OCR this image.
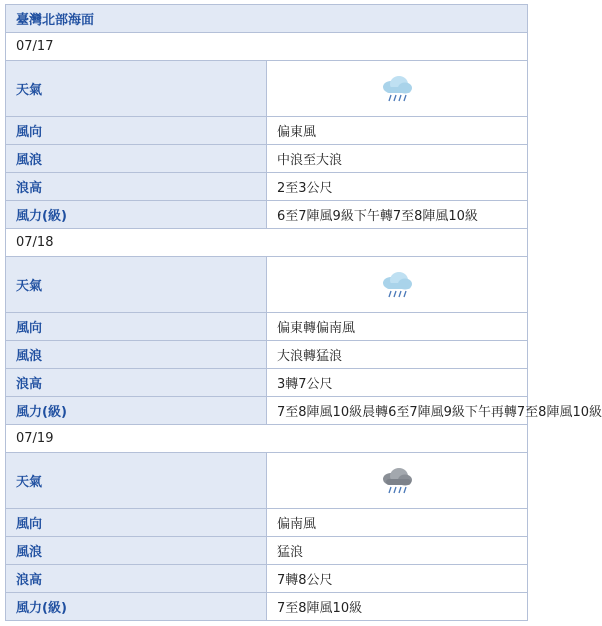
臺灣北部海面	
07/17	
天氣	
風向	偏東風
風浪	中浪至大浪
浪高	2至3公尺
風力(級)	6至7陣風9級下午轉7至8陣風10級
07/18	
天氣	
風向	偏東轉偏南風
風浪	大浪轉猛浪
浪高	3轉7公尺
風力(級)	7至8陣風10級晨轉6至7陣風9級下午再轉7至8陣風10級
07/19	
天氣	
風向	偏南風
風浪	猛浪
浪高	7轉8公尺
風力(級)	7至8陣風10級
